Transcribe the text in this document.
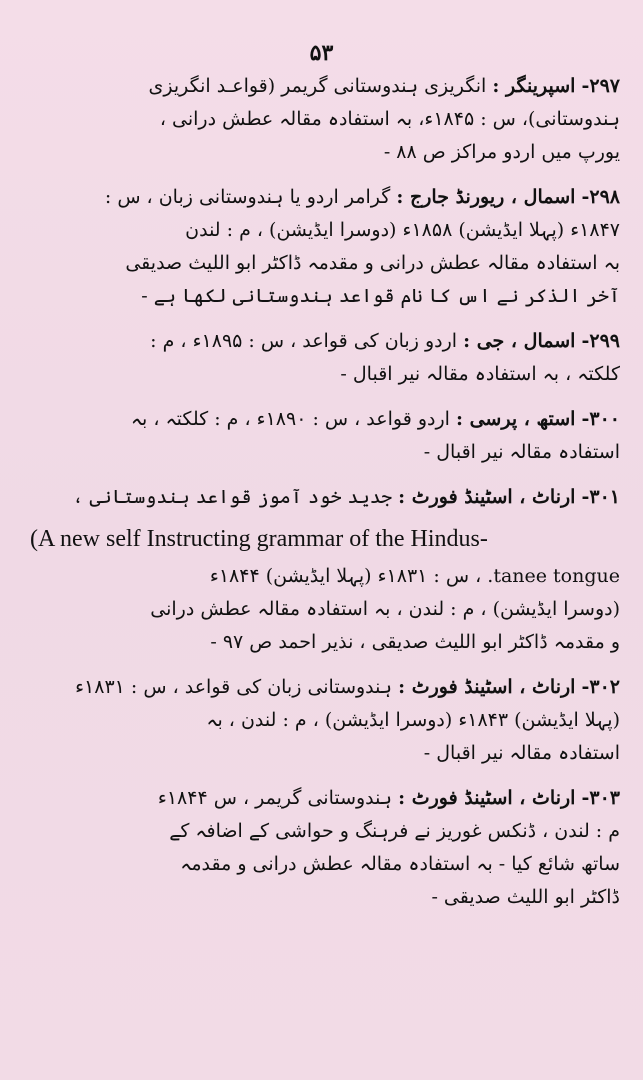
۵۳
۲۹۷- اسپرینگر : انگریزی ہندوستانی گریمر (قواعـد انگریزی
ہندوستانی)، س : ۱۸۴۵ء، بہ استفادہ مقالہ عطش درانی ،
یورپ میں اردو مراکز ص ۸۸ -
۲۹۸- اسمال ، ریورنڈ جارج : گرامر اردو یا ہندوستانی زبان ، س :
۱۸۴۷ء (پہلا ایڈیشن) ۱۸۵۸ء (دوسرا ایڈیشن) ، م : لندن
بہ استفادہ مقالہ عطش درانی و مقدمہ ڈاکٹر ابو اللیث صدیقی
آخر الذکر نے اس کا نام قواعد ہندوستانی لکھا ہے -
۲۹۹- اسمال ، جی : اردو زبان کی قواعد ، س : ۱۸۹۵ء ، م :
کلکتہ ، بہ استفادہ مقالہ نیر اقبال -
۳۰۰- استھ ، پرسی : اردو قواعد ، س : ۱۸۹۰ء ، م : کلکتہ ، بہ
استفادہ مقالہ نیر اقبال -
۳۰۱- ارناٹ ، اسٹینڈ فورٹ : جدید خود آموز قواعد ہندوستانی ،
(A new self Instructing grammar of the Hindus-
tanee tongue. ، س : ۱۸۳۱ء (پہلا ایڈیشن) ۱۸۴۴ء
(دوسرا ایڈیشن) ، م : لندن ، بہ استفادہ مقالہ عطش درانی
و مقدمہ ڈاکٹر ابو اللیث صدیقی ، نذیر احمد ص ۹۷ -
۳۰۲- ارناٹ ، اسٹینڈ فورٹ : ہندوستانی زبان کی قواعد ، س : ۱۸۳۱ء
(پہلا ایڈیشن) ۱۸۴۳ء (دوسرا ایڈیشن) ، م : لندن ، بہ
استفادہ مقالہ نیر اقبال -
۳۰۳- ارناٹ ، اسٹینڈ فورٹ : ہندوستانی گریمر ، س ۱۸۴۴ء
م : لندن ، ڈنکس غوریز نے فرہنگ و حواشی کے اضافہ کے
ساتھ شائع کیا - بہ استفادہ مقالہ عطش درانی و مقدمہ
ڈاکٹر ابو اللیث صدیقی -
